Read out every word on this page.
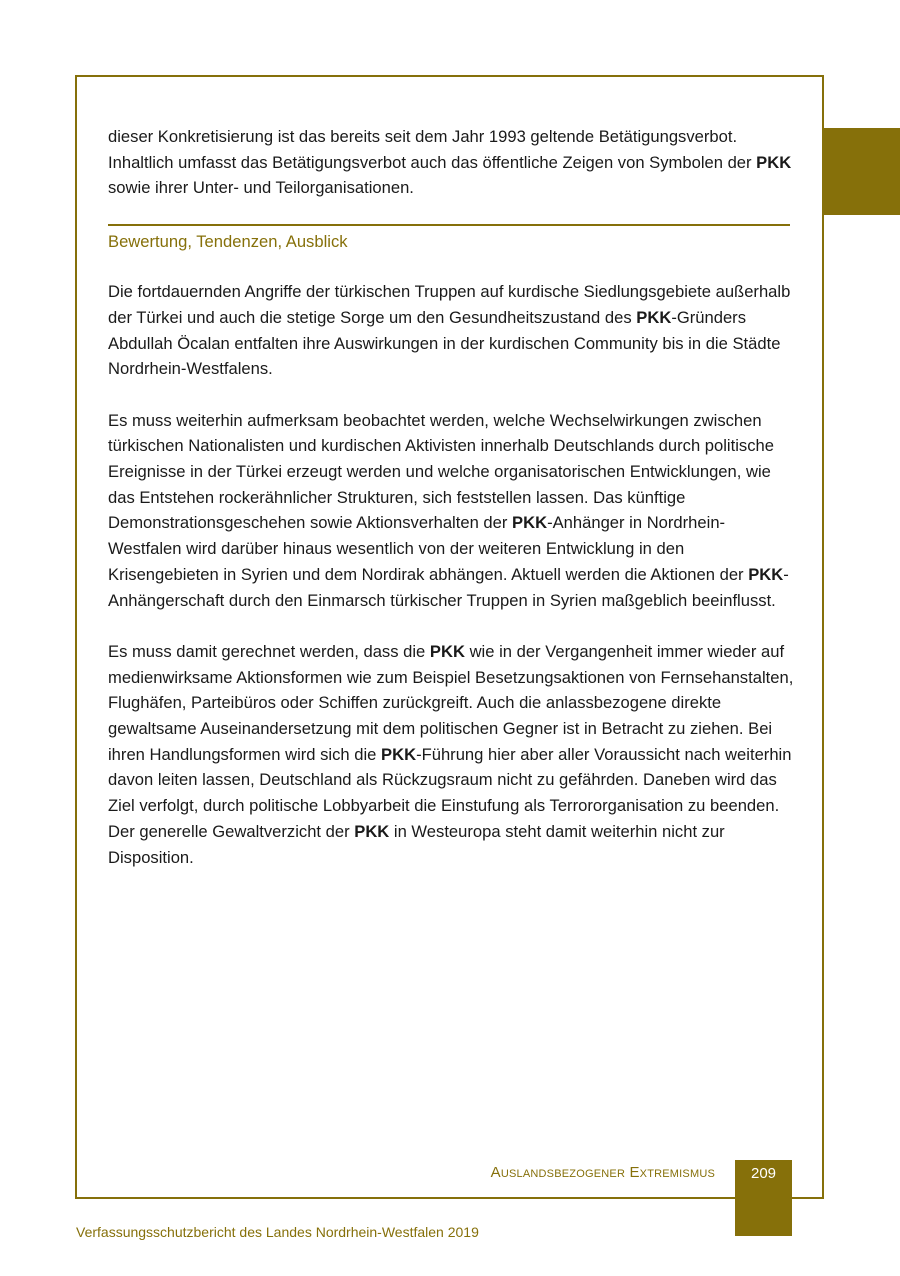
dieser Konkretisierung ist das bereits seit dem Jahr 1993 geltende Betätigungsverbot. Inhaltlich umfasst das Betätigungsverbot auch das öffentliche Zeigen von Symbolen der PKK sowie ihrer Unter- und Teilorganisationen.

Bewertung, Tendenzen, Ausblick

Die fortdauernden Angriffe der türkischen Truppen auf kurdische Siedlungsgebiete außerhalb der Türkei und auch die stetige Sorge um den Gesundheitszustand des PKK-Gründers Abdullah Öcalan entfalten ihre Auswirkungen in der kurdischen Community bis in die Städte Nordrhein-Westfalens.

Es muss weiterhin aufmerksam beobachtet werden, welche Wechselwirkungen zwischen türkischen Nationalisten und kurdischen Aktivisten innerhalb Deutschlands durch politische Ereignisse in der Türkei erzeugt werden und welche organisatorischen Entwicklungen, wie das Entstehen rockerähnlicher Strukturen, sich feststellen lassen. Das künftige Demonstrationsgeschehen sowie Aktionsverhalten der PKK-Anhänger in Nordrhein-Westfalen wird darüber hinaus wesentlich von der weiteren Entwicklung in den Krisengebieten in Syrien und dem Nordirak abhängen. Aktuell werden die Aktionen der PKK-Anhängerschaft durch den Einmarsch türkischer Truppen in Syrien maßgeblich beeinflusst.

Es muss damit gerechnet werden, dass die PKK wie in der Vergangenheit immer wieder auf medienwirksame Aktionsformen wie zum Beispiel Besetzungsaktionen von Fernsehanstalten, Flughäfen, Parteibüros oder Schiffen zurückgreift. Auch die anlassbezogene direkte gewaltsame Auseinandersetzung mit dem politischen Gegner ist in Betracht zu ziehen. Bei ihren Handlungsformen wird sich die PKK-Führung hier aber aller Voraussicht nach weiterhin davon leiten lassen, Deutschland als Rückzugsraum nicht zu gefährden. Daneben wird das Ziel verfolgt, durch politische Lobbyarbeit die Einstufung als Terrororganisation zu beenden. Der generelle Gewaltverzicht der PKK in Westeuropa steht damit weiterhin nicht zur Disposition.

Auslandsbezogener Extremismus	209
Verfassungsschutzbericht des Landes Nordrhein-Westfalen 2019
